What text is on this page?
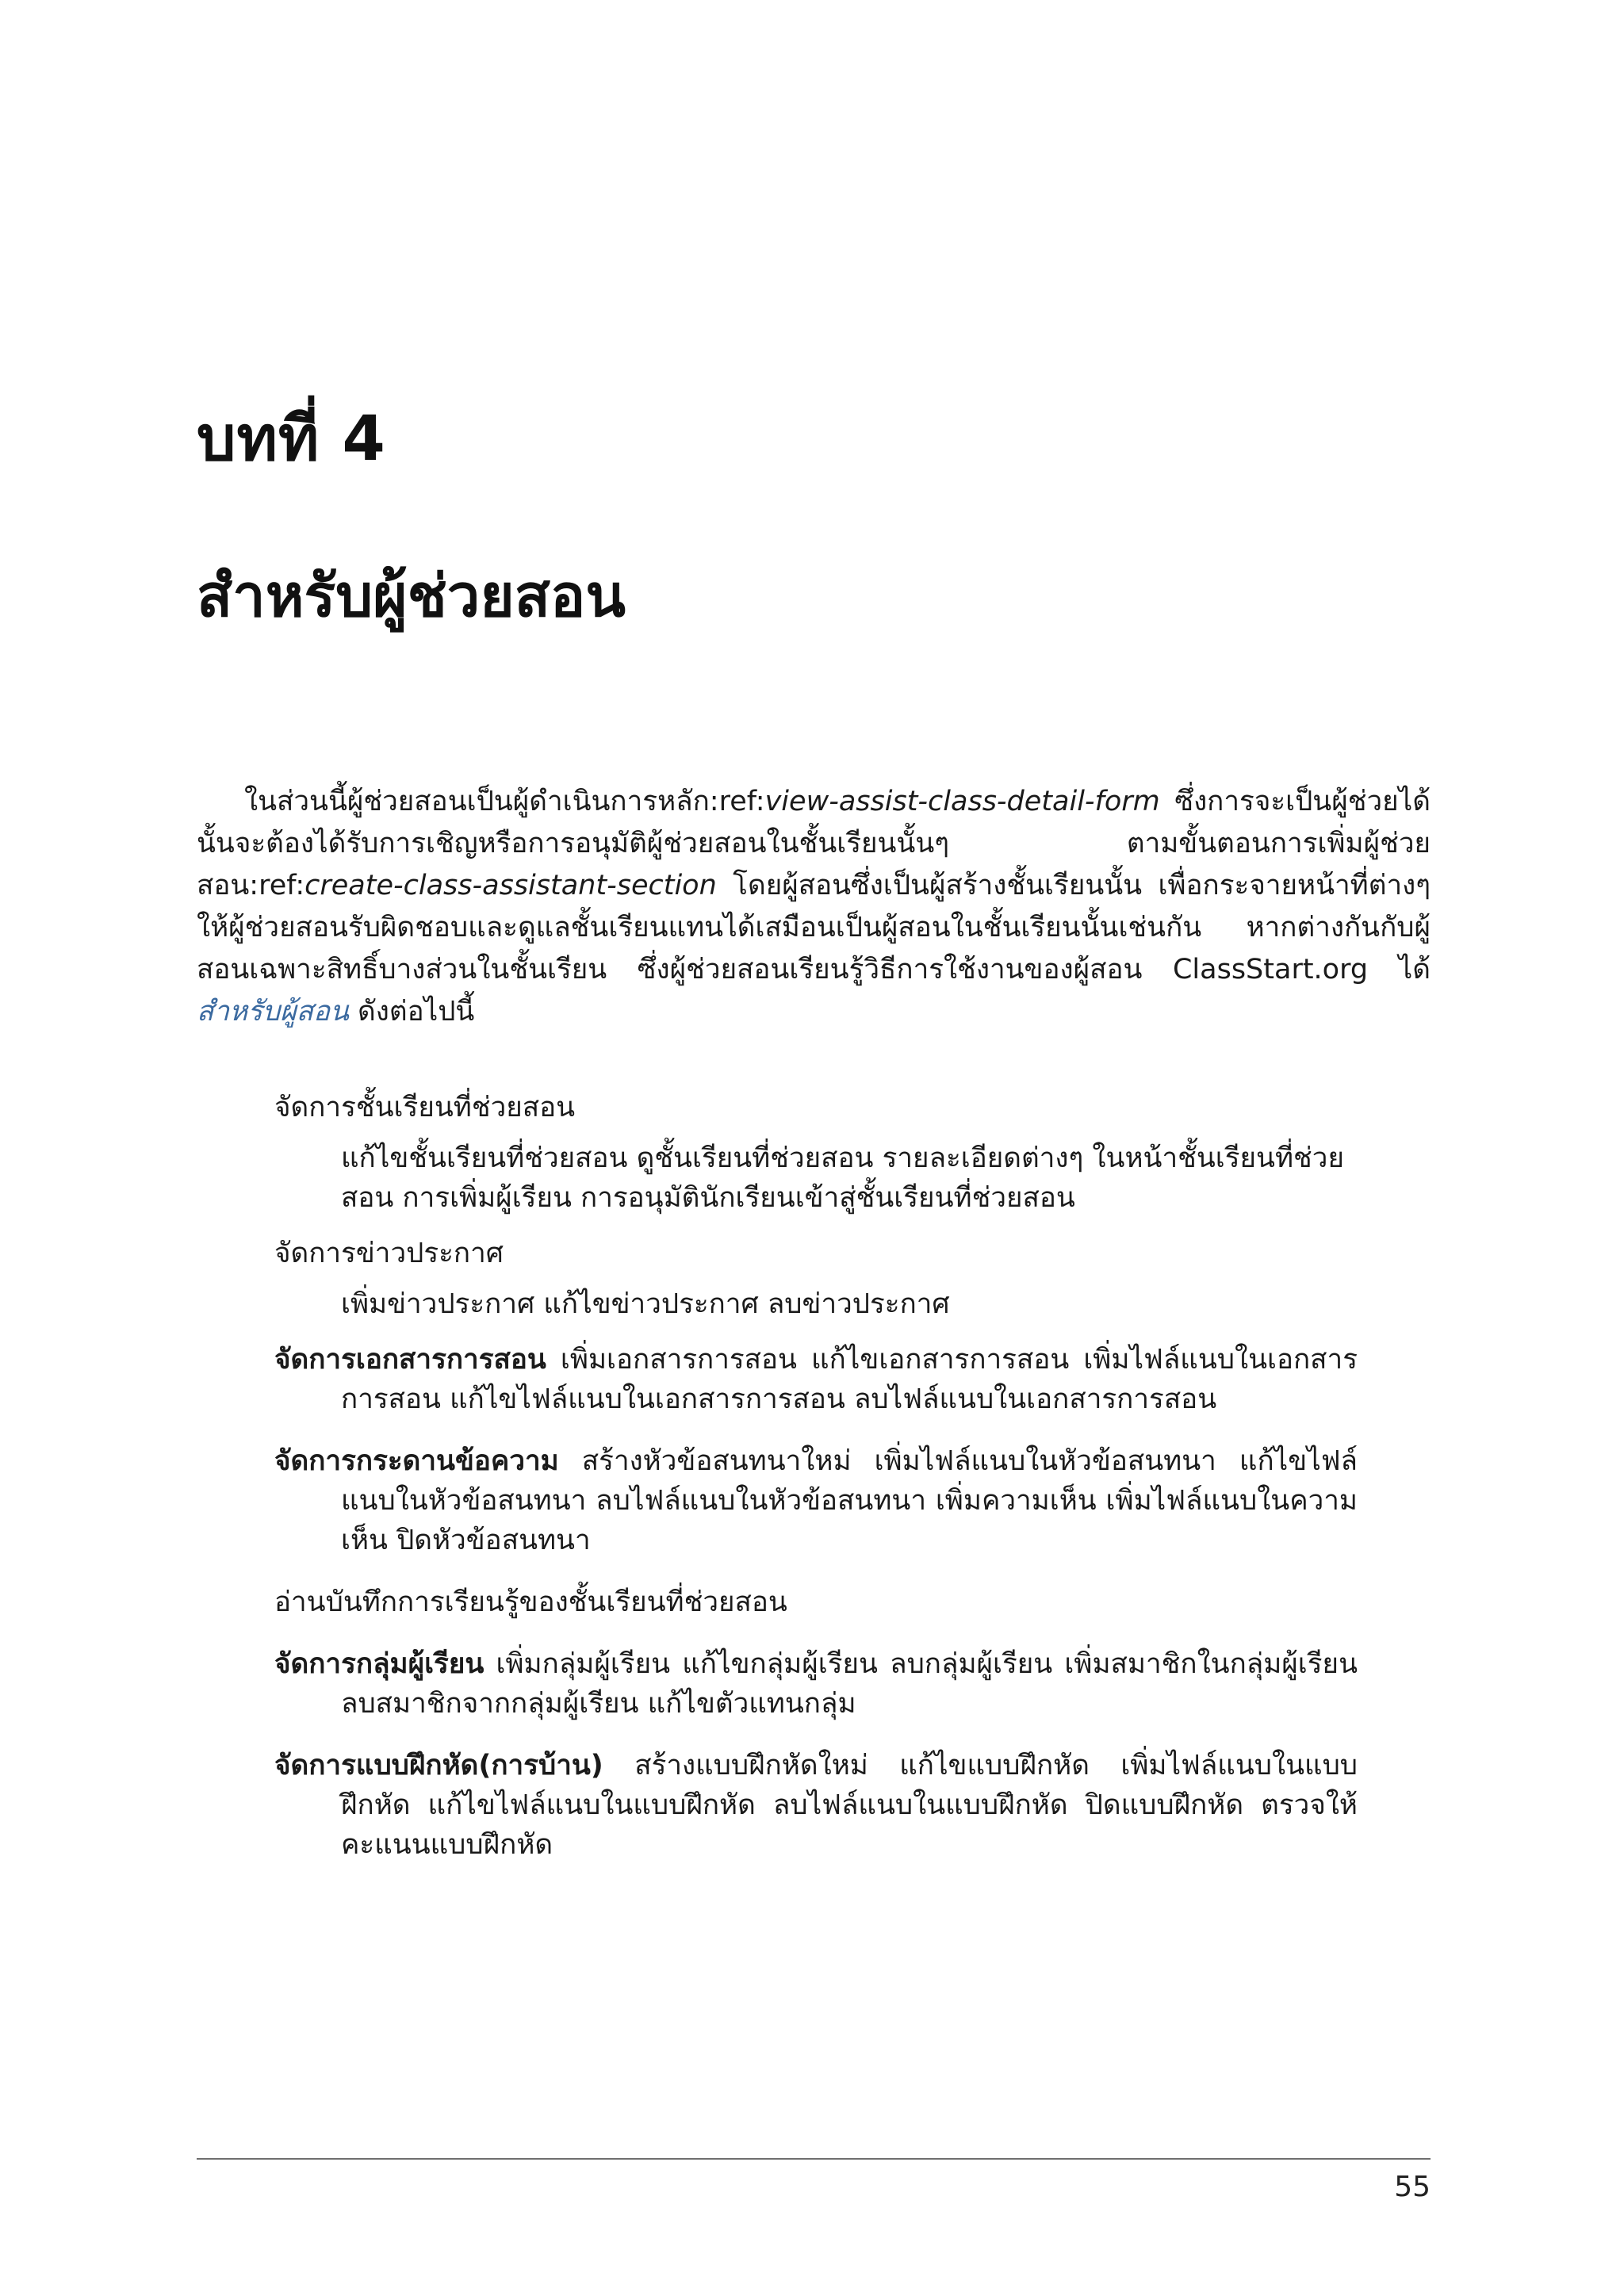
บทที่ 4
สำหรับผู้ช่วยสอน

ในส่วนนี้ผู้ช่วยสอนเป็นผู้ดำเนินการหลัก:ref:view-assist-class-detail-form ซึ่งการจะเป็นผู้ช่วยได้นั้นจะต้องได้รับการเชิญหรือการอนุมัติผู้ช่วยสอนในชั้นเรียนนั้นๆ ตามขั้นตอนการเพิ่มผู้ช่วยสอน:ref:create-class-assistant-section โดยผู้สอนซึ่งเป็นผู้สร้างชั้นเรียนนั้น เพื่อกระจายหน้าที่ต่างๆให้ผู้ช่วยสอนรับผิดชอบและดูแลชั้นเรียนแทนได้เสมือนเป็นผู้สอนในชั้นเรียนนั้นเช่นกัน หากต่างกันกับผู้สอนเฉพาะสิทธิ์บางส่วนในชั้นเรียน ซึ่งผู้ช่วยสอนเรียนรู้วิธีการใช้งานของผู้สอน ClassStart.org ได้ สำหรับผู้สอน ดังต่อไปนี้

จัดการชั้นเรียนที่ช่วยสอน

แก้ไขชั้นเรียนที่ช่วยสอน ดูชั้นเรียนที่ช่วยสอน รายละเอียดต่างๆ ในหน้าชั้นเรียนที่ช่วยสอน การเพิ่มผู้เรียน การอนุมัตินักเรียนเข้าสู่ชั้นเรียนที่ช่วยสอน

จัดการข่าวประกาศ

เพิ่มข่าวประกาศ แก้ไขข่าวประกาศ ลบข่าวประกาศ

จัดการเอกสารการสอน เพิ่มเอกสารการสอน แก้ไขเอกสารการสอน เพิ่มไฟล์แนบในเอกสารการสอน แก้ไขไฟล์แนบในเอกสารการสอน ลบไฟล์แนบในเอกสารการสอน

จัดการกระดานข้อความ สร้างหัวข้อสนทนาใหม่ เพิ่มไฟล์แนบในหัวข้อสนทนา แก้ไขไฟล์แนบในหัวข้อสนทนา ลบไฟล์แนบในหัวข้อสนทนา เพิ่มความเห็น เพิ่มไฟล์แนบในความเห็น ปิดหัวข้อสนทนา

อ่านบันทึกการเรียนรู้ของชั้นเรียนที่ช่วยสอน

จัดการกลุ่มผู้เรียน เพิ่มกลุ่มผู้เรียน แก้ไขกลุ่มผู้เรียน ลบกลุ่มผู้เรียน เพิ่มสมาชิกในกลุ่มผู้เรียน ลบสมาชิกจากกลุ่มผู้เรียน แก้ไขตัวแทนกลุ่ม

จัดการแบบฝึกหัด(การบ้าน) สร้างแบบฝึกหัดใหม่ แก้ไขแบบฝึกหัด เพิ่มไฟล์แนบในแบบฝึกหัด แก้ไขไฟล์แนบในแบบฝึกหัด ลบไฟล์แนบในแบบฝึกหัด ปิดแบบฝึกหัด ตรวจให้คะแนนแบบฝึกหัด

55
